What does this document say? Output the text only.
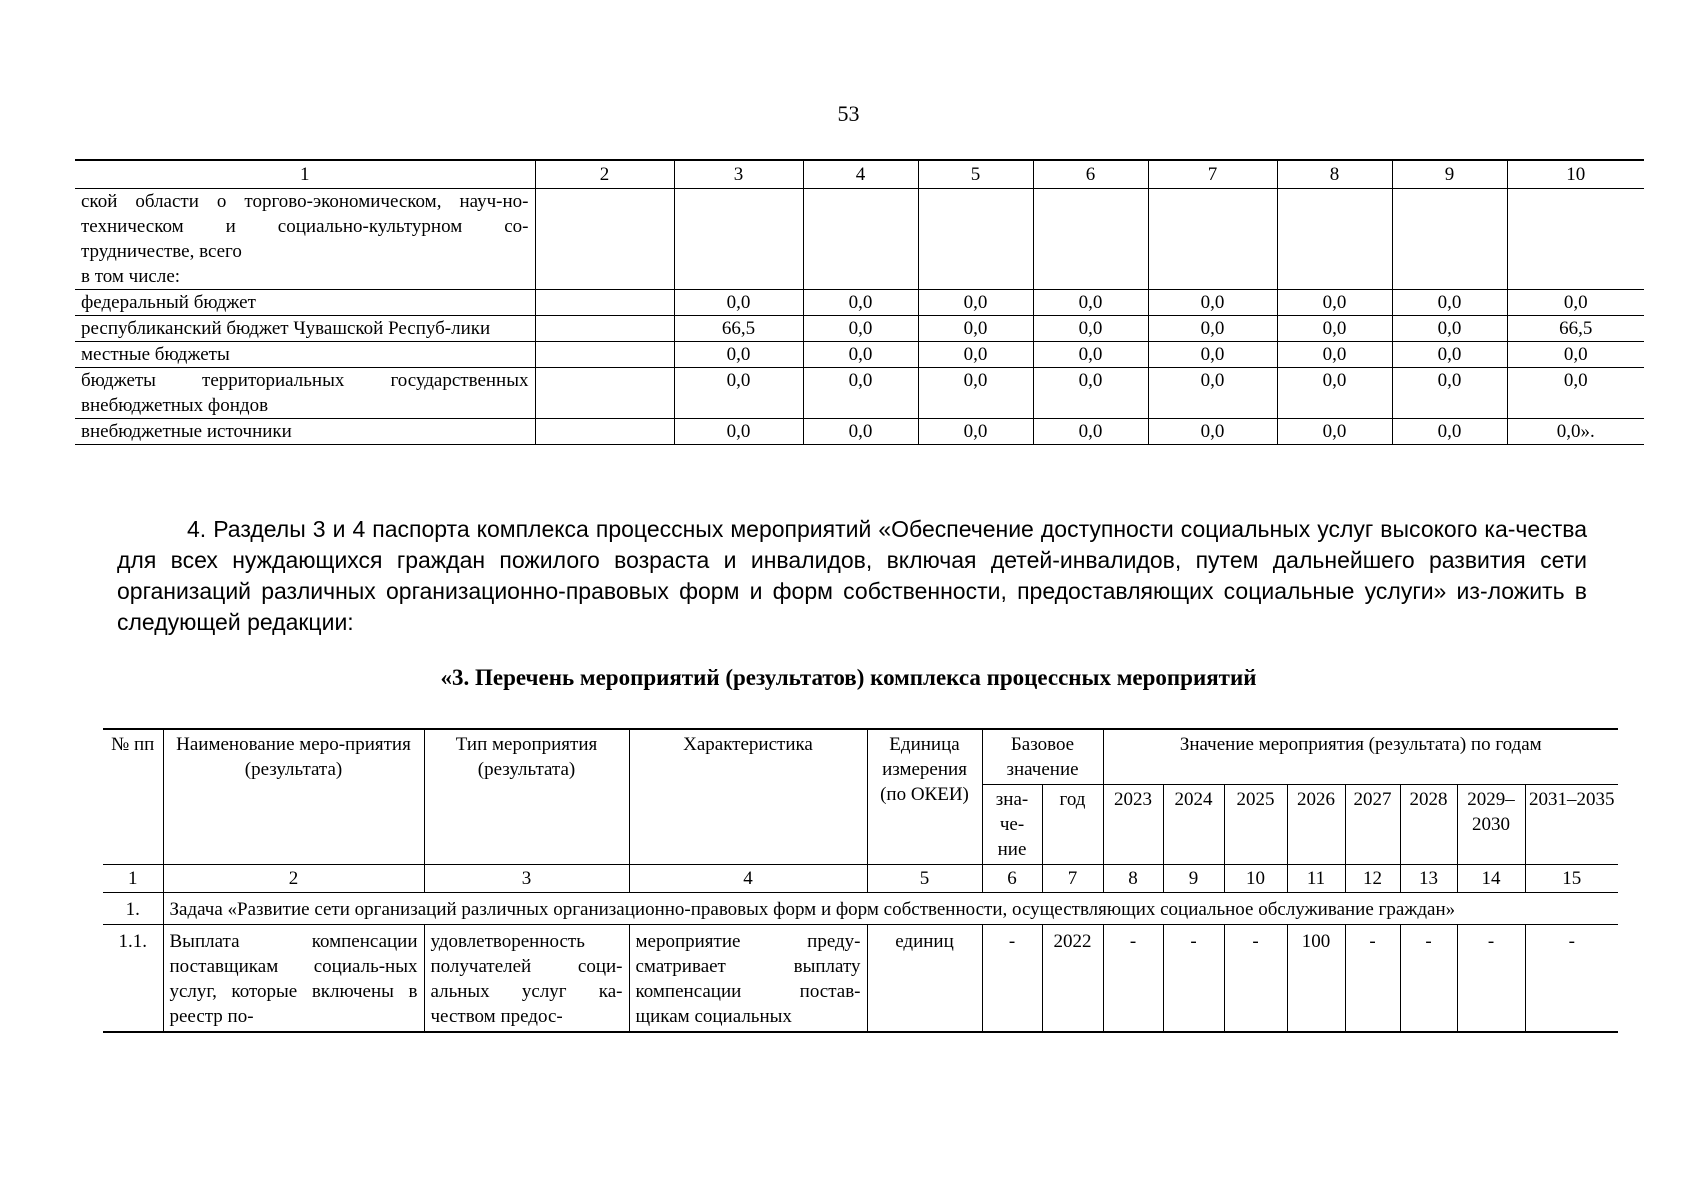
53
1	2	3	4	5	6	7	8	9	10
ской области о торгово-экономическом, науч-но-техническом и социально-культурном со-трудничестве, всего
в том числе:									
федеральный бюджет		0,0	0,0	0,0	0,0	0,0	0,0	0,0	0,0
республиканский бюджет Чувашской Респуб-лики		66,5	0,0	0,0	0,0	0,0	0,0	0,0	66,5
местные бюджеты		0,0	0,0	0,0	0,0	0,0	0,0	0,0	0,0
бюджеты территориальных государственных внебюджетных фондов		0,0	0,0	0,0	0,0	0,0	0,0	0,0	0,0
внебюджетные источники		0,0	0,0	0,0	0,0	0,0	0,0	0,0	0,0».

4. Разделы 3 и 4 паспорта комплекса процессных мероприятий «Обеспечение доступности социальных услуг высокого ка-чества для всех нуждающихся граждан пожилого возраста и инвалидов, включая детей-инвалидов, путем дальнейшего развития сети организаций различных организационно-правовых форм и форм собственности, предоставляющих социальные услуги» из-ложить в следующей редакции:

«3. Перечень мероприятий (результатов) комплекса процессных мероприятий
№ пп	Наименование меро-приятия (результата)	Тип мероприятия (результата)	Характеристика	Единица измерения (по ОКЕИ)	Базовое значение		Значение мероприятия (результата) по годам							
					зна-че-ние	год	2023	2024	2025	2026	2027	2028	2029–2030	2031–2035
1	2	3	4	5	6	7	8	9	10	11	12	13	14	15
1.	Задача «Развитие сети организаций различных организационно-правовых форм и форм собственности, осуществляющих социальное обслуживание граждан»													
1.1.	Выплата компенсации поставщикам социаль-ных услуг, которые включены в реестр по-	удовлетворенность получателей соци-альных услуг ка-чеством предос-	мероприятие преду-сматривает выплату компенсации постав-щикам социальных	единиц	-	2022	-	-	-	100	-	-	-	-
